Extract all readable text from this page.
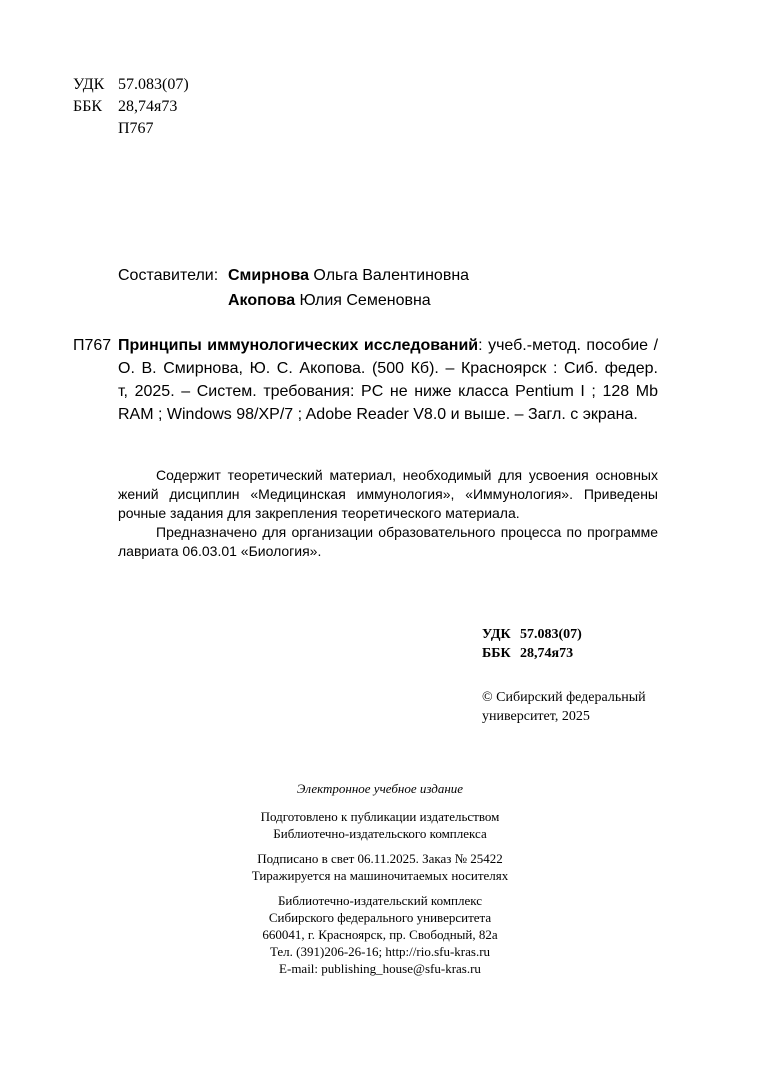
УДК 57.083(07)
ББК 28,74я73
П767
Составители: Смирнова Ольга Валентиновна
Акопова Юлия Семеновна
П767 Принципы иммунологических исследований: учеб.-метод. пособие /
О. В. Смирнова, Ю. С. Акопова. (500 Кб). – Красноярск : Сиб. федер.
т, 2025. – Систем. требования: PC не ниже класса Pentium I ; 128 Mb
RAM ; Windows 98/XP/7 ; Adobe Reader V8.0 и выше. – Загл. с экрана.
Содержит теоретический материал, необходимый для усвоения основных
жений дисциплин «Медицинская иммунология», «Иммунология». Приведены
рочные задания для закрепления теоретического материала.
Предназначено для организации образовательного процесса по программе
лавриата 06.03.01 «Биология».
УДК 57.083(07)
ББК 28,74я73
© Сибирский федеральный
университет, 2025
Электронное учебное издание
Подготовлено к публикации издательством
Библиотечно-издательского комплекса
Подписано в свет 06.11.2025. Заказ № 25422
Тиражируется на машиночитаемых носителях
Библиотечно-издательский комплекс
Сибирского федерального университета
660041, г. Красноярск, пр. Свободный, 82а
Тел. (391)206-26-16; http://rio.sfu-kras.ru
E-mail: publishing_house@sfu-kras.ru
